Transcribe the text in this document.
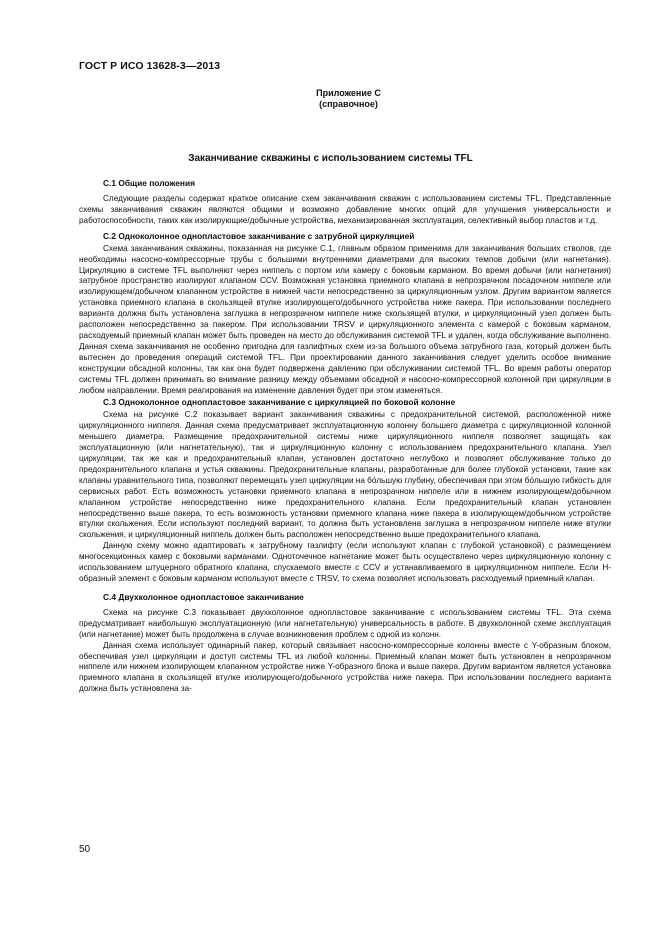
ГОСТ Р ИСО 13628-3—2013
Приложение С
(справочное)
Заканчивание скважины с использованием системы TFL
С.1 Общие положения

Следующие разделы содержат краткое описание схем заканчивания скважин с использованием системы TFL. Представленные схемы заканчивания скважин являются общими и возможно добавление многих опций для улучшения универсальности и работоспособности, таких как изолирующие/добычные устройства, механизированная эксплуатация, селективный выбор пластов и т.д.

С.2 Одноколонное однопластовое заканчивание с затрубной циркуляцией

Схема заканчивания скважины, показанная на рисунке С.1, главным образом применима для заканчивания больших стволов, где необходимы насосно-компрессорные трубы с большими внутренними диаметрами для высоких темпов добычи (или нагнетания). Циркуляцию в системе TFL выполняют через ниппель с портом или камеру с боковым карманом. Во время добычи (или нагнетания) затрубное пространство изолируют клапаном CCV. Возможная установка приемного клапана в непрозрачном посадочном ниппеле или изолирующем/добычном клапанном устройстве в нижней части непосредственно за циркуляционным узлом. Другим вариантом является установка приемного клапана в скользящей втулке изолирующего/добычного устройства ниже пакера. При использовании последнего варианта должна быть установлена заглушка в непрозрачном ниппеле ниже скользящей втулки, и циркуляционный узел должен быть расположен непосредственно за пакером. При использовании TRSV и циркуляционного элемента с камерой с боковым карманом, расходуемый приемный клапан может быть проведен на место до обслуживания системой TFL и удален, когда обслуживание выполнено. Данная схема заканчивания не особенно пригодна для газлифтных схем из-за большого объема затрубного газа, который должен быть вытеснен до проведения операций системой TFL. При проектировании данного заканчивания следует уделить особое внимание конструкции обсадной колонны, так как она будет подвержена давлению при обслуживании системой TFL. Во время работы оператор системы TFL должен принимать во внимание разницу между объемами обсадной и насосно-компрессорной колонной при циркуляции в любом направлении. Время реагирования на изменение давления будет при этом изменяться.

С.3 Одноколонное однопластовое заканчивание с циркуляцией по боковой колонне

Схема на рисунке С.2 показывает вариант заканчивания скважины с предохранительной системой, расположенной ниже циркуляционного ниппеля. Данная схема предусматривает эксплуатационную колонну большего диаметра с циркуляционной колонной меньшего диаметра. Размещение предохранительной системы ниже циркуляционного ниппеля позволяет защищать как эксплуатационную (или нагнетательную), так и циркуляционную колонну с использованием предохранительного клапана. Узел циркуляции, так же как и предохранительный клапан, установлен достаточно неглубоко и позволяет обслуживание только до предохранительного клапана и устья скважины. Предохранительные клапаны, разработанные для более глубокой установки, такие как клапаны уравнительного типа, позволяют перемещать узел циркуляции на бо́льшую глубину, обеспечивая при этом бо́льшую гибкость для сервисных работ. Есть возможность установки приемного клапана в непрозрачном ниппеле или в нижнем изолирующем/добычном клапанном устройстве непосредственно ниже предохранительного клапана. Если предохранительный клапан установлен непосредственно выше пакера, то есть возможность установки приемного клапана ниже пакера в изолирующем/добычном устройстве втулки скольжения. Если используют последний вариант, то должна быть установлена заглушка в непрозрачном ниппеле ниже втулки скольжения, и циркуляционный ниппель должен быть расположен непосредственно выше предохранительного клапана.

Данную схему можно адаптировать к затрубному газлифту (если используют клапан с глубокой установкой) с размещением многосекционных камер с боковыми карманами. Одноточечное нагнетание может быть осуществлено через циркуляционную колонну с использованием штуцерного обратного клапана, спускаемого вместе с CCV и устанавливаемого в циркуляционном ниппеле. Если H-образный элемент с боковым карманом используют вместе с TRSV, то схема позволяет использовать расходуемый приемный клапан.

С.4 Двухколонное однопластовое заканчивание

Схема на рисунке С.3 показывает двухколонное однопластовое заканчивание с использованием системы TFL. Эта схема предусматривает наибольшую эксплуатационную (или нагнетательную) универсальность в работе. В двухколонной схеме эксплуатация (или нагнетание) может быть продолжена в случае возникновения проблем с одной из колонн.

Данная схема использует одинарный пакер, который связывает насосно-компрессорные колонны вместе с Y-образным блоком, обеспечивая узел циркуляции и доступ системы TFL из любой колонны. Приемный клапан может быть установлен в непрозрачном ниппеле или нижнем изолирующем клапанном устройстве ниже Y-образного блока и выше пакера. Другим вариантом является установка приемного клапана в скользящей втулке изолирующего/добычного устройства ниже пакера. При использовании последнего варианта должна быть установлена за-

50
